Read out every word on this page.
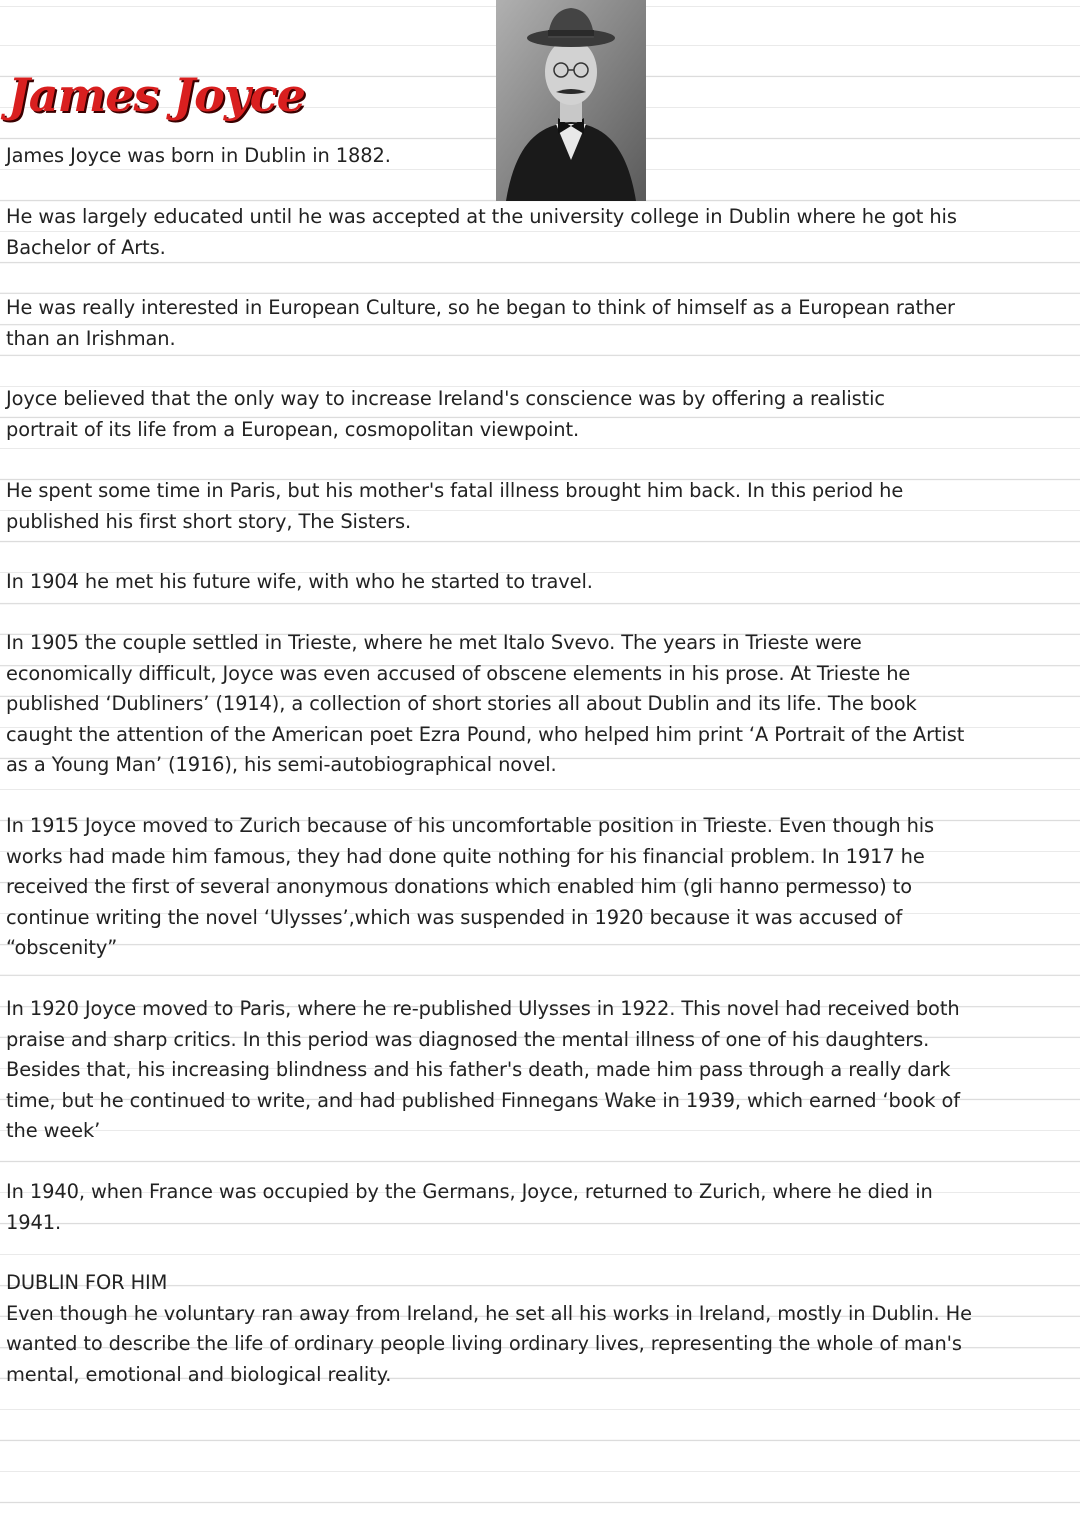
James Joyce

James Joyce was born in Dublin in 1882.

He was largely educated until he was accepted at the university college in Dublin where he got his
Bachelor of Arts.

He was really interested in European Culture, so he began to think of himself as a European rather
than an Irishman.

Joyce believed that the only way to increase Ireland's conscience was by offering a realistic
portrait of its life from a European, cosmopolitan viewpoint.

He spent some time in Paris, but his mother's fatal illness brought him back. In this period he
published his first short story, The Sisters.

In 1904 he met his future wife, with who he started to travel.

In 1905 the couple settled in Trieste, where he met Italo Svevo. The years in Trieste were
economically difficult, Joyce was even accused of obscene elements in his prose. At Trieste he
published ‘Dubliners’ (1914), a collection of short stories all about Dublin and its life. The book
caught the attention of the American poet Ezra Pound, who helped him print ‘A Portrait of the Artist
as a Young Man’ (1916), his semi-autobiographical novel.

In 1915 Joyce moved to Zurich because of his uncomfortable position in Trieste. Even though his
works had made him famous, they had done quite nothing for his financial problem. In 1917 he
received the first of several anonymous donations which enabled him (gli hanno permesso) to
continue writing the novel ‘Ulysses’,which was suspended in 1920 because it was accused of
“obscenity”

In 1920 Joyce moved to Paris, where he re-published Ulysses in 1922. This novel had received both
praise and sharp critics. In this period was diagnosed the mental illness of one of his daughters.
Besides that, his increasing blindness and his father's death, made him pass through a really dark
time, but he continued to write, and had published Finnegans Wake in 1939, which earned ‘book of
the week’

In 1940, when France was occupied by the Germans, Joyce, returned to Zurich, where he died in
1941.

DUBLIN FOR HIM
Even though he voluntary ran away from Ireland, he set all his works in Ireland, mostly in Dublin. He
wanted to describe the life of ordinary people living ordinary lives, representing the whole of man's
mental, emotional and biological reality.
